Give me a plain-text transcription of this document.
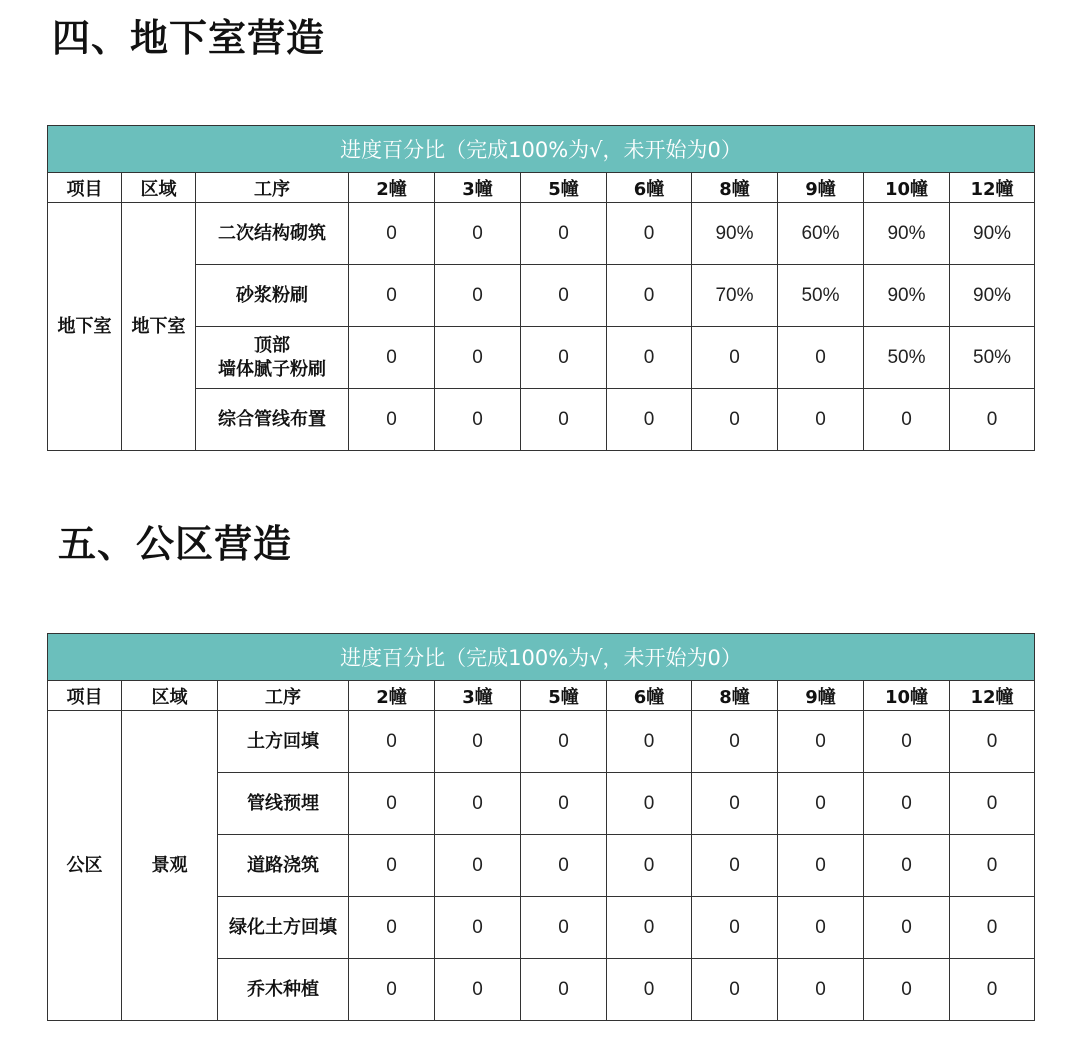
四、地下室营造
进度百分比（完成100%为√，未开始为0）										
项目	区域	工序	2幢	3幢	5幢	6幢	8幢	9幢	10幢	12幢
地下室	地下室	二次结构砌筑	0	0	0	0	90%	60%	90%	90%
		砂浆粉刷	0	0	0	0	70%	50%	90%	90%
		顶部
墙体腻子粉刷	0	0	0	0	0	0	50%	50%
		综合管线布置	0	0	0	0	0	0	0	0
五、公区营造
进度百分比（完成100%为√，未开始为0）										
项目	区域	工序	2幢	3幢	5幢	6幢	8幢	9幢	10幢	12幢
公区	景观	土方回填	0	0	0	0	0	0	0	0
		管线预埋	0	0	0	0	0	0	0	0
		道路浇筑	0	0	0	0	0	0	0	0
		绿化土方回填	0	0	0	0	0	0	0	0
		乔木种植	0	0	0	0	0	0	0	0
